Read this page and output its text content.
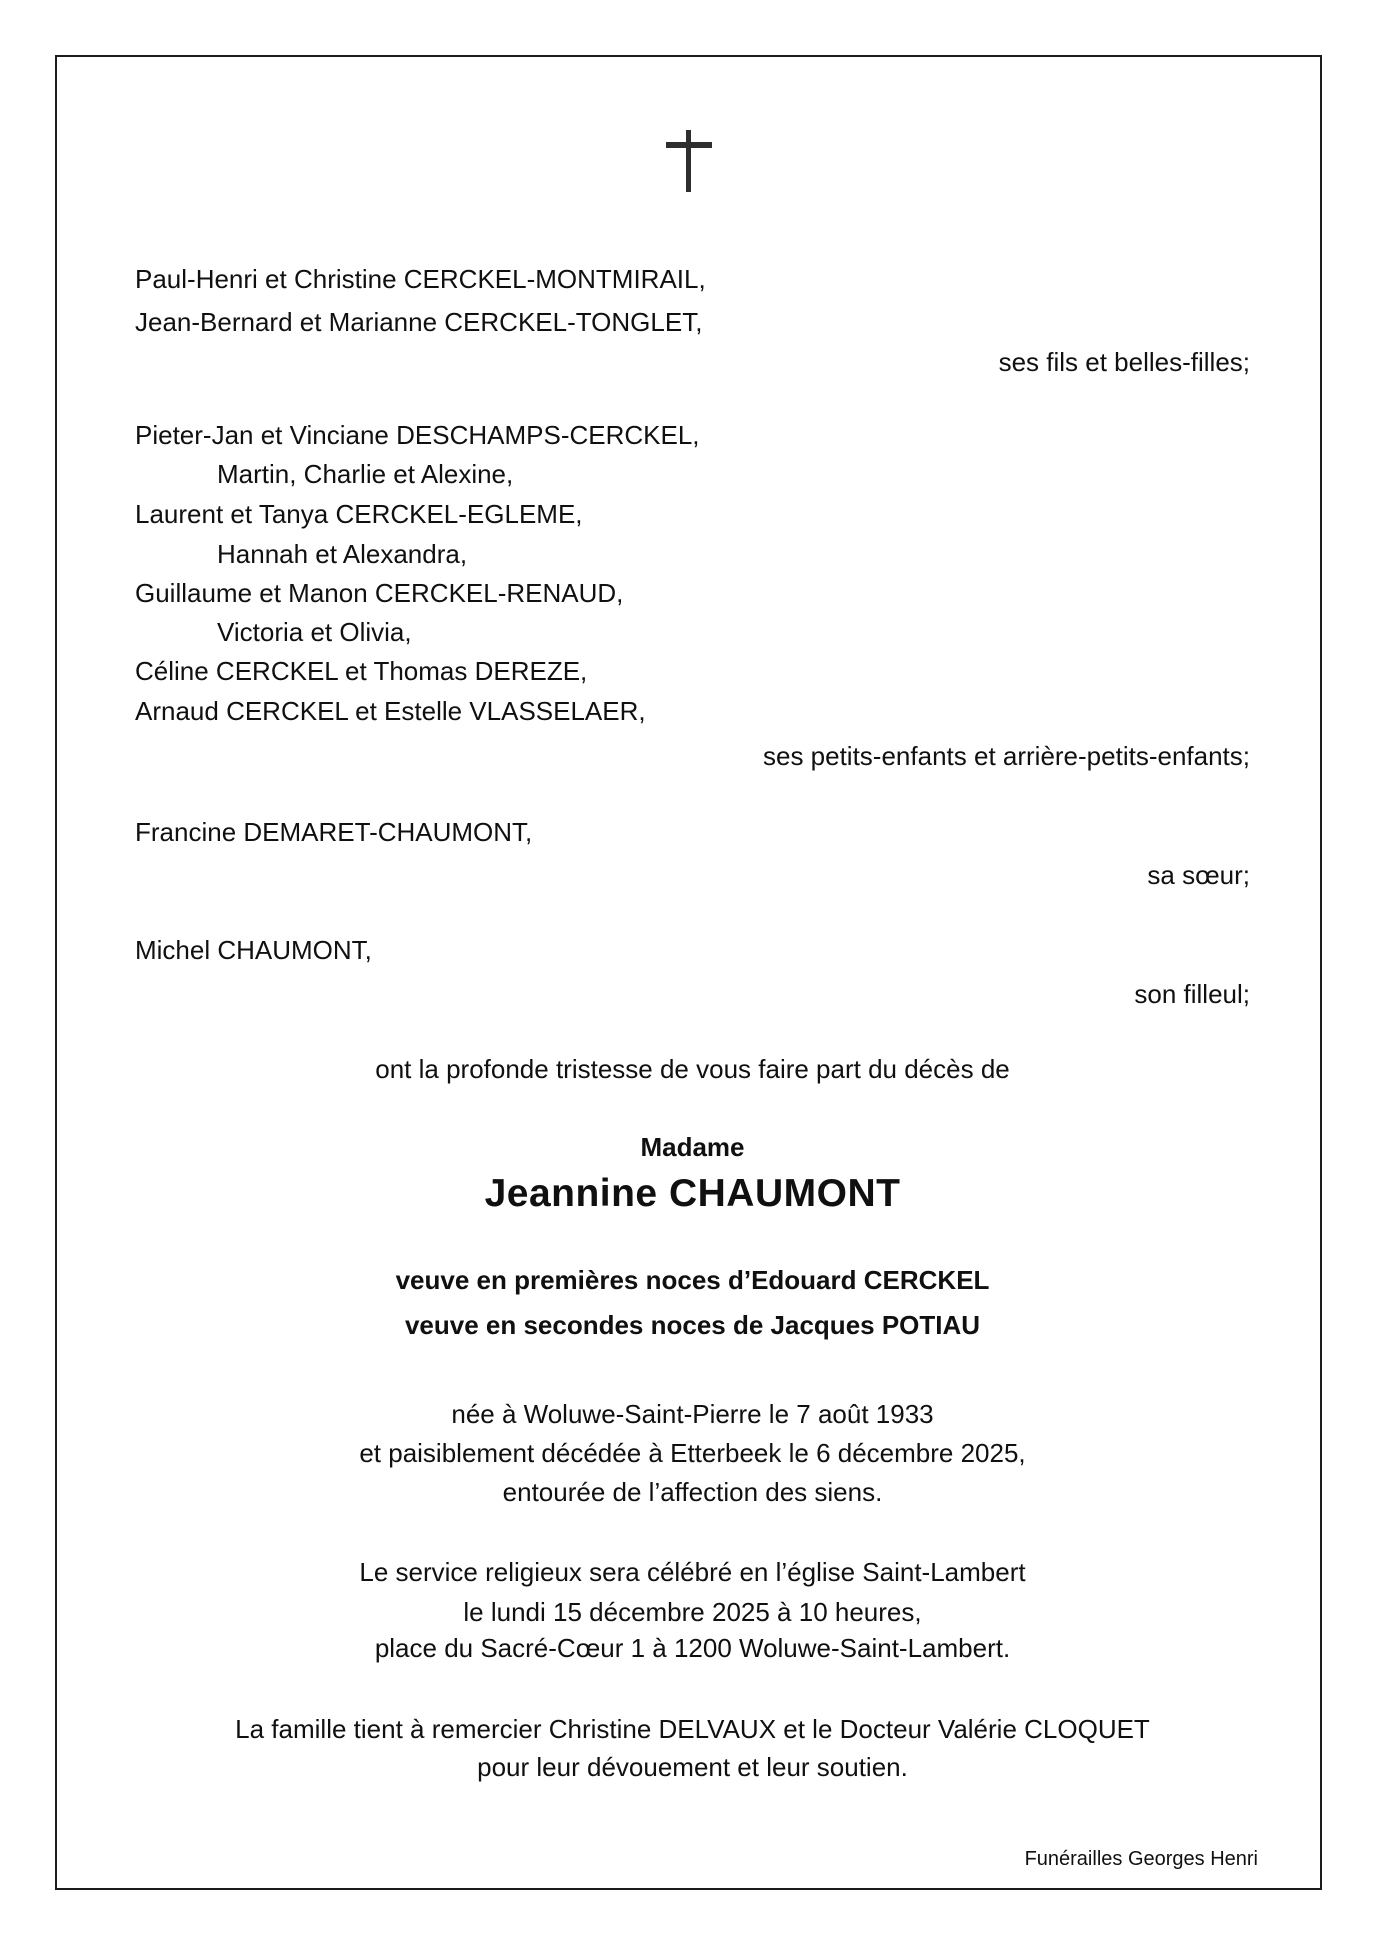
Paul-Henri et Christine CERCKEL-MONTMIRAIL,
Jean-Bernard et Marianne CERCKEL-TONGLET,
ses fils et belles-filles;
Pieter-Jan et Vinciane DESCHAMPS-CERCKEL,
Martin, Charlie et Alexine,
Laurent et Tanya CERCKEL-EGLEME,
Hannah et Alexandra,
Guillaume et Manon CERCKEL-RENAUD,
Victoria et Olivia,
Céline CERCKEL et Thomas DEREZE,
Arnaud CERCKEL et Estelle VLASSELAER,
ses petits-enfants et arrière-petits-enfants;
Francine DEMARET-CHAUMONT,
sa sœur;
Michel CHAUMONT,
son filleul;
ont la profonde tristesse de vous faire part du décès de
Madame
Jeannine CHAUMONT
veuve en premières noces d’Edouard CERCKEL
veuve en secondes noces de Jacques POTIAU
née à Woluwe-Saint-Pierre le 7 août 1933
et paisiblement décédée à Etterbeek le 6 décembre 2025,
entourée de l’affection des siens.
Le service religieux sera célébré en l’église Saint-Lambert
le lundi 15 décembre 2025 à 10 heures,
place du Sacré-Cœur 1 à 1200 Woluwe-Saint-Lambert.
La famille tient à remercier Christine DELVAUX et le Docteur Valérie CLOQUET
pour leur dévouement et leur soutien.
Funérailles Georges Henri
